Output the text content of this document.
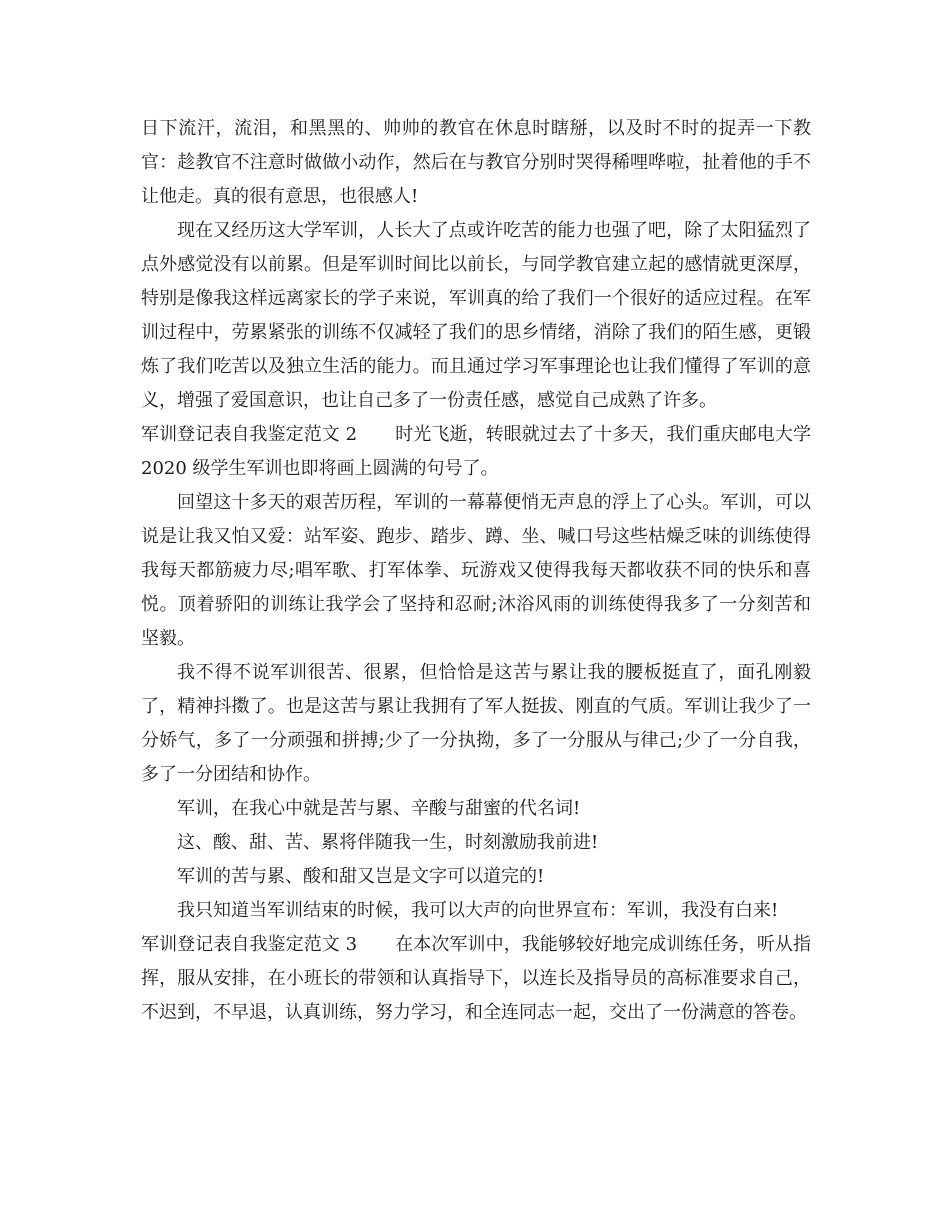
日下流汗，流泪，和黑黑的、帅帅的教官在休息时瞎掰，以及时不时的捉弄一下教官：趁教官不注意时做做小动作，然后在与教官分别时哭得稀哩哗啦，扯着他的手不让他走。真的很有意思，也很感人!

现在又经历这大学军训，人长大了点或许吃苦的能力也强了吧，除了太阳猛烈了点外感觉没有以前累。但是军训时间比以前长，与同学教官建立起的感情就更深厚，特别是像我这样远离家长的学子来说，军训真的给了我们一个很好的适应过程。在军训过程中，劳累紧张的训练不仅减轻了我们的思乡情绪，消除了我们的陌生感，更锻炼了我们吃苦以及独立生活的能力。而且通过学习军事理论也让我们懂得了军训的意义，增强了爱国意识，也让自己多了一份责任感，感觉自己成熟了许多。

军训登记表自我鉴定范文 2 时光飞逝，转眼就过去了十多天，我们重庆邮电大学 2020 级学生军训也即将画上圆满的句号了。

回望这十多天的艰苦历程，军训的一幕幕便悄无声息的浮上了心头。军训，可以说是让我又怕又爱：站军姿、跑步、踏步、蹲、坐、喊口号这些枯燥乏味的训练使得我每天都筋疲力尽;唱军歌、打军体拳、玩游戏又使得我每天都收获不同的快乐和喜悦。顶着骄阳的训练让我学会了坚持和忍耐;沐浴风雨的训练使得我多了一分刻苦和坚毅。

我不得不说军训很苦、很累，但恰恰是这苦与累让我的腰板挺直了，面孔刚毅了，精神抖擞了。也是这苦与累让我拥有了军人挺拔、刚直的气质。军训让我少了一分娇气，多了一分顽强和拼搏;少了一分执拗，多了一分服从与律己;少了一分自我，多了一分团结和协作。

军训，在我心中就是苦与累、辛酸与甜蜜的代名词!

这、酸、甜、苦、累将伴随我一生，时刻激励我前进!

军训的苦与累、酸和甜又岂是文字可以道完的!

我只知道当军训结束的时候，我可以大声的向世界宣布：军训，我没有白来!

军训登记表自我鉴定范文 3 在本次军训中，我能够较好地完成训练任务，听从指挥，服从安排，在小班长的带领和认真指导下，以连长及指导员的高标准要求自己，不迟到，不早退，认真训练，努力学习，和全连同志一起，交出了一份满意的答卷。
